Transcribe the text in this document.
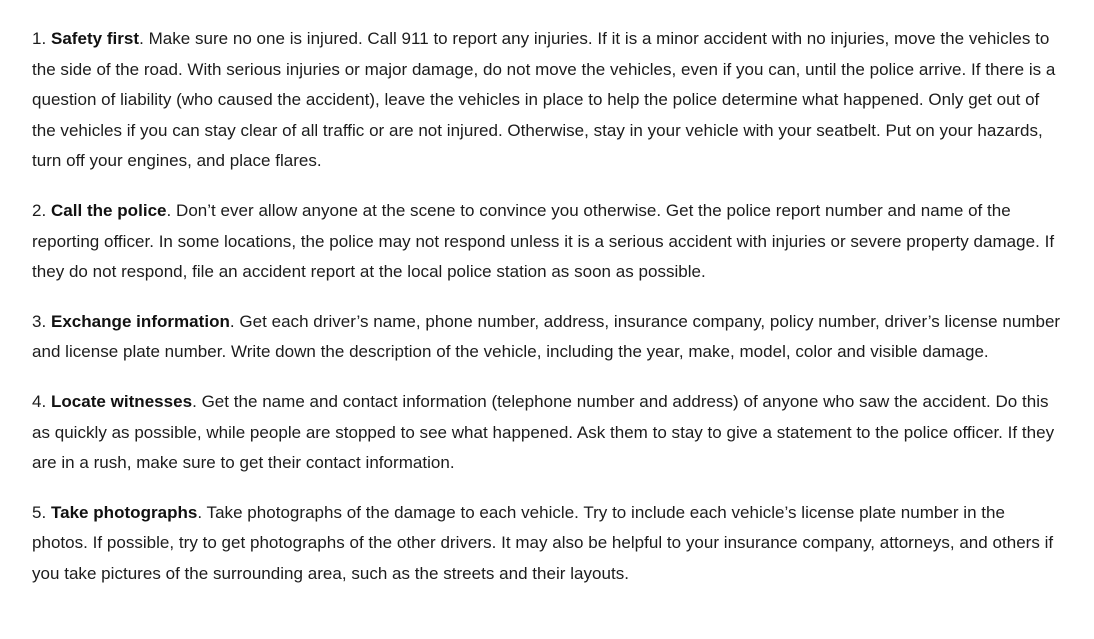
1. Safety first. Make sure no one is injured. Call 911 to report any injuries. If it is a minor accident with no injuries, move the vehicles to the side of the road. With serious injuries or major damage, do not move the vehicles, even if you can, until the police arrive. If there is a question of liability (who caused the accident), leave the vehicles in place to help the police determine what happened. Only get out of the vehicles if you can stay clear of all traffic or are not injured. Otherwise, stay in your vehicle with your seatbelt. Put on your hazards, turn off your engines, and place flares.

2. Call the police. Don’t ever allow anyone at the scene to convince you otherwise. Get the police report number and name of the reporting officer. In some locations, the police may not respond unless it is a serious accident with injuries or severe property damage. If they do not respond, file an accident report at the local police station as soon as possible.

3. Exchange information. Get each driver’s name, phone number, address, insurance company, policy number, driver’s license number and license plate number. Write down the description of the vehicle, including the year, make, model, color and visible damage.

4. Locate witnesses. Get the name and contact information (telephone number and address) of anyone who saw the accident. Do this as quickly as possible, while people are stopped to see what happened. Ask them to stay to give a statement to the police officer. If they are in a rush, make sure to get their contact information.

5. Take photographs. Take photographs of the damage to each vehicle. Try to include each vehicle’s license plate number in the photos. If possible, try to get photographs of the other drivers. It may also be helpful to your insurance company, attorneys, and others if you take pictures of the surrounding area, such as the streets and their layouts.
